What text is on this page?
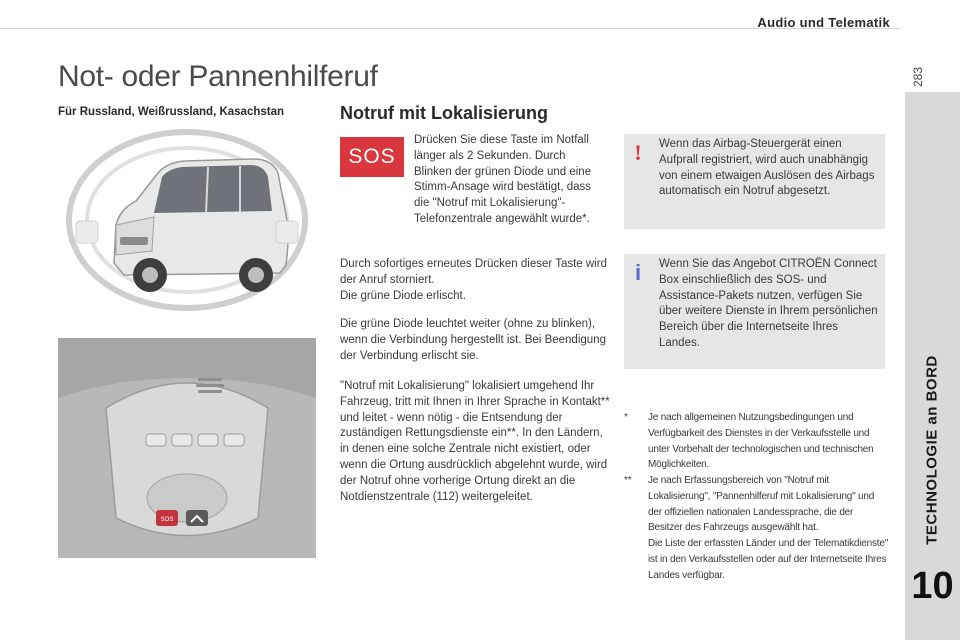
Audio und Telematik
283
TECHNOLOGIE an BORD
10
Not- oder Pannenhilferuf
Für Russland, Weißrussland, Kasachstan
SOS
Notruf mit Lokalisierung
SOS

Drücken Sie diese Taste im Notfall länger als 2 Sekunden. Durch Blinken der grünen Diode und eine Stimm-Ansage wird bestätigt, dass die "Notruf mit Lokalisierung"-Telefonzentrale angewählt wurde*.

Durch sofortiges erneutes Drücken dieser Taste wird der Anruf storniert.
Die grüne Diode erlischt.

Die grüne Diode leuchtet weiter (ohne zu blinken), wenn die Verbindung hergestellt ist. Bei Beendigung der Verbindung erlischt sie.

"Notruf mit Lokalisierung" lokalisiert umgehend Ihr Fahrzeug, tritt mit Ihnen in Ihrer Sprache in Kontakt** und leitet - wenn nötig - die Entsendung der zuständigen Rettungsdienste ein**. In den Ländern, in denen eine solche Zentrale nicht existiert, oder wenn die Ortung ausdrücklich abgelehnt wurde, wird der Notruf ohne vorherige Ortung direkt an die Notdienstzentrale (112) weitergeleitet.

! Wenn das Airbag-Steuergerät einen Aufprall registriert, wird auch unabhängig von einem etwaigen Auslösen des Airbags automatisch ein Notruf abgesetzt.

i Wenn Sie das Angebot CITROËN Connect Box einschließlich des SOS- und Assistance-Pakets nutzen, verfügen Sie über weitere Dienste in Ihrem persönlichen Bereich über die Internetseite Ihres Landes.

*	Je nach allgemeinen Nutzungsbedingungen und Verfügbarkeit des Dienstes in der Verkaufsstelle und unter Vorbehalt der technologischen und technischen Möglichkeiten.

**	Je nach Erfassungsbereich von "Notruf mit Lokalisierung", "Pannenhilferuf mit Lokalisierung" und der offiziellen nationalen Landessprache, die der Besitzer des Fahrzeugs ausgewählt hat.
Die Liste der erfassten Länder und der Telematikdienste" ist in den Verkaufsstellen oder auf der Internetseite Ihres Landes verfügbar.
